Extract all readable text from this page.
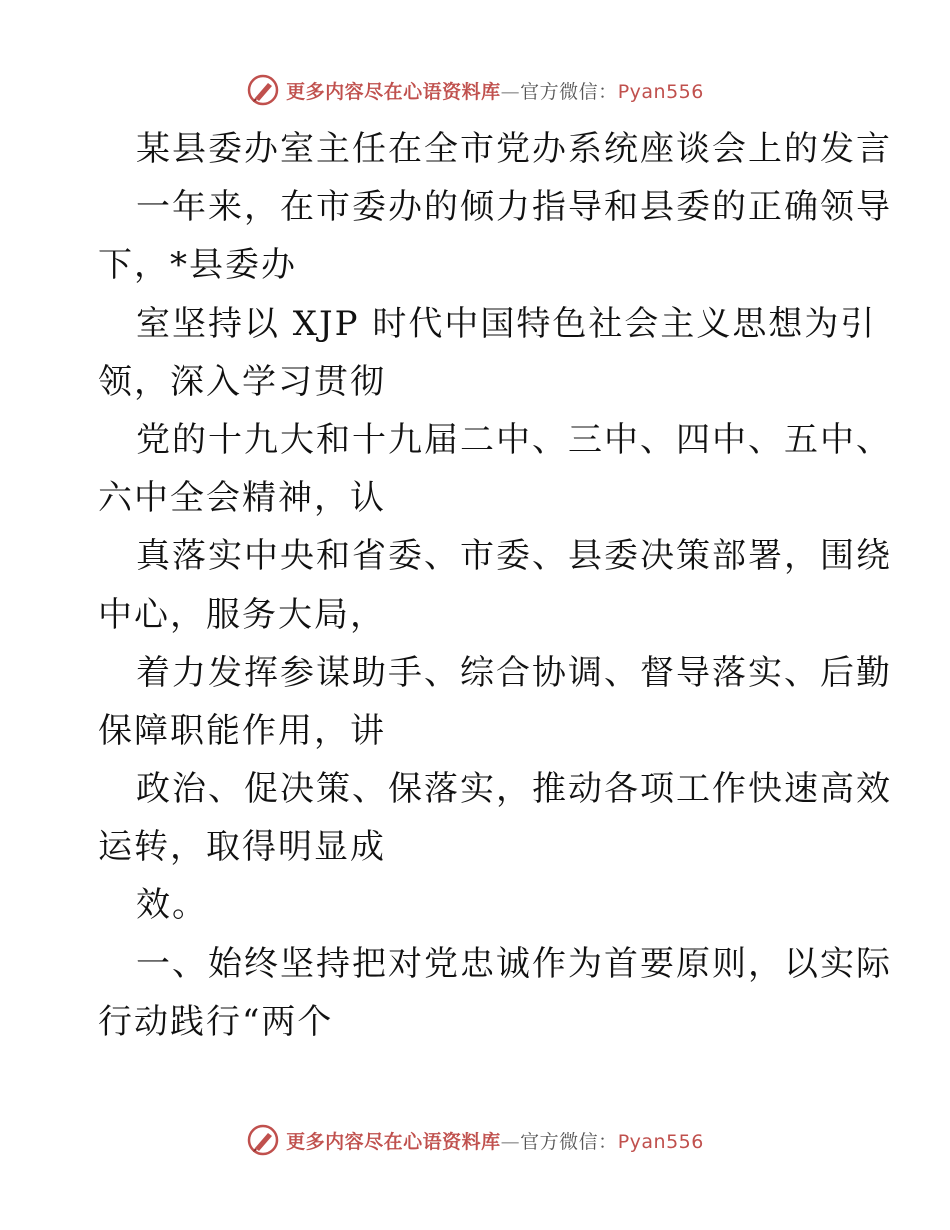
更多内容尽在心语资料库—官方微信：Pyan556
某县委办室主任在全市党办系统座谈会上的发言
一年来，在市委办的倾力指导和县委的正确领导
下，*县委办
室坚持以 XJP 时代中国特色社会主义思想为引
领，深入学习贯彻
党的十九大和十九届二中、三中、四中、五中、
六中全会精神，认
真落实中央和省委、市委、县委决策部署，围绕
中心，服务大局，
着力发挥参谋助手、综合协调、督导落实、后勤
保障职能作用，讲
政治、促决策、保落实，推动各项工作快速高效
运转，取得明显成
效。
一、始终坚持把对党忠诚作为首要原则，以实际
行动践行“两个
更多内容尽在心语资料库—官方微信：Pyan556
